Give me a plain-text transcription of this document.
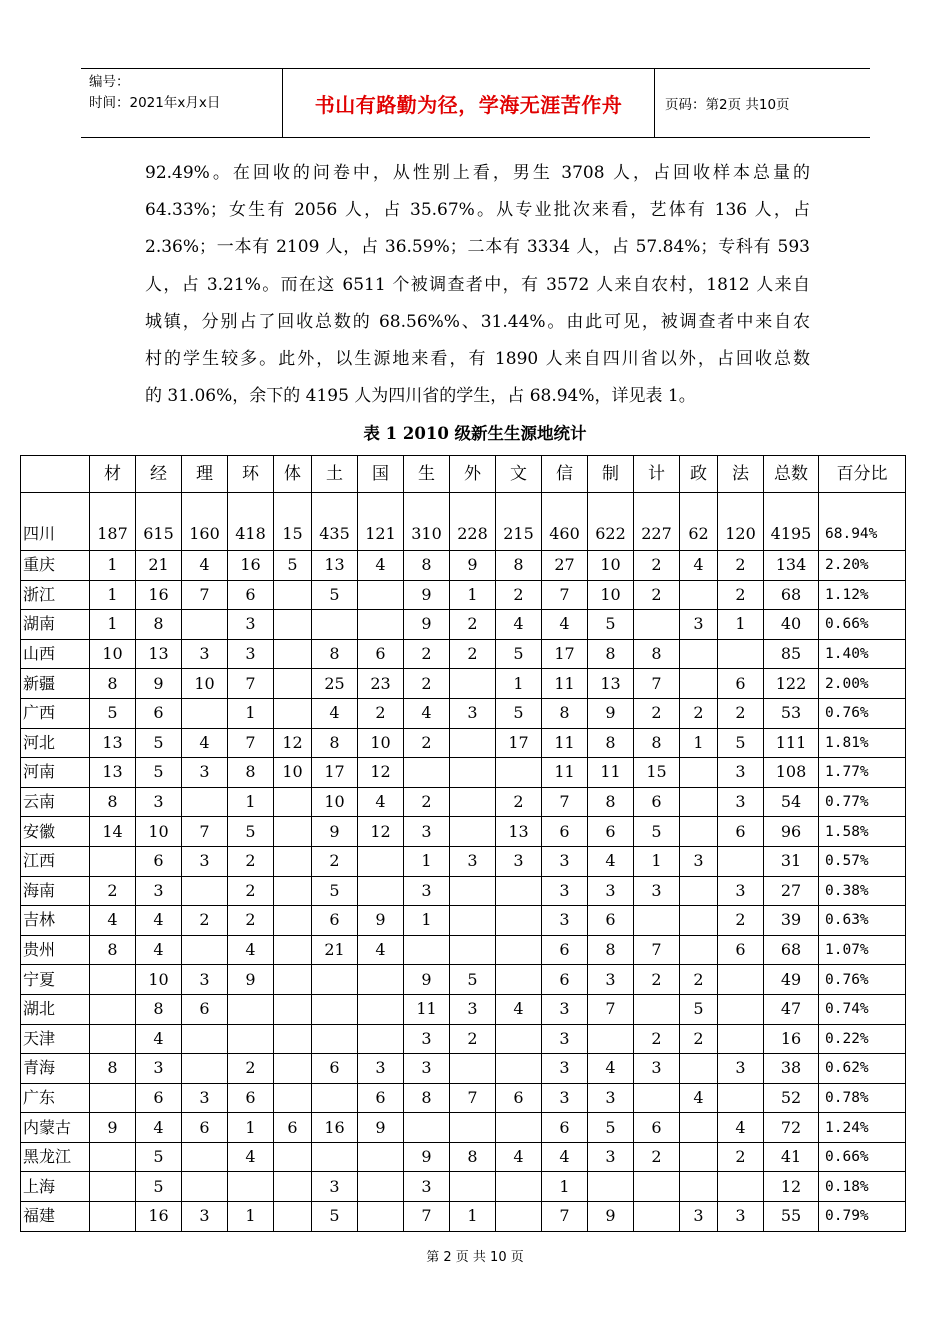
编号：
时间：2021年x月x日	书山有路勤为径，学海无涯苦作舟	页码：第2页 共10页
92.49%。在回收的问卷中，从性别上看，男生 3708 人，占回收样本总量的
64.33%；女生有 2056 人，占 35.67%。从专业批次来看，艺体有 136 人，占
2.36%；一本有 2109 人，占 36.59%；二本有 3334 人，占 57.84%；专科有 593
人，占 3.21%。而在这 6511 个被调查者中，有 3572 人来自农村，1812 人来自
城镇，分别占了回收总数的 68.56%%、31.44%。由此可见，被调查者中来自农
村的学生较多。此外，以生源地来看，有 1890 人来自四川省以外，占回收总数
的 31.06%，余下的 4195 人为四川省的学生，占 68.94%，详见表 1。
表 1 2010 级新生生源地统计
	材	经	理	环	体	土	国	生	外	文	信	制	计	政	法	总数	百分比
四川	187	615	160	418	15	435	121	310	228	215	460	622	227	62	120	4195	68.94%
重庆	1	21	4	16	5	13	4	8	9	8	27	10	2	4	2	134	2.20%
浙江	1	16	7	6		5		9	1	2	7	10	2		2	68	1.12%
湖南	1	8		3				9	2	4	4	5		3	1	40	0.66%
山西	10	13	3	3		8	6	2	2	5	17	8	8			85	1.40%
新疆	8	9	10	7		25	23	2		1	11	13	7		6	122	2.00%
广西	5	6		1		4	2	4	3	5	8	9	2	2	2	53	0.76%
河北	13	5	4	7	12	8	10	2		17	11	8	8	1	5	111	1.81%
河南	13	5	3	8	10	17	12				11	11	15		3	108	1.77%
云南	8	3		1		10	4	2		2	7	8	6		3	54	0.77%
安徽	14	10	7	5		9	12	3		13	6	6	5		6	96	1.58%
江西		6	3	2		2		1	3	3	3	4	1	3		31	0.57%
海南	2	3		2		5		3			3	3	3		3	27	0.38%
吉林	4	4	2	2		6	9	1			3	6			2	39	0.63%
贵州	8	4		4		21	4				6	8	7		6	68	1.07%
宁夏		10	3	9				9	5		6	3	2	2		49	0.76%
湖北		8	6					11	3	4	3	7		5		47	0.74%
天津		4						3	2		3		2	2		16	0.22%
青海	8	3		2		6	3	3			3	4	3		3	38	0.62%
广东		6	3	6			6	8	7	6	3	3		4		52	0.78%
内蒙古	9	4	6	1	6	16	9				6	5	6		4	72	1.24%
黑龙江		5		4				9	8	4	4	3	2		2	41	0.66%
上海		5				3		3			1					12	0.18%
福建		16	3	1		5		7	1		7	9		3	3	55	0.79%
第 2 页 共 10 页
